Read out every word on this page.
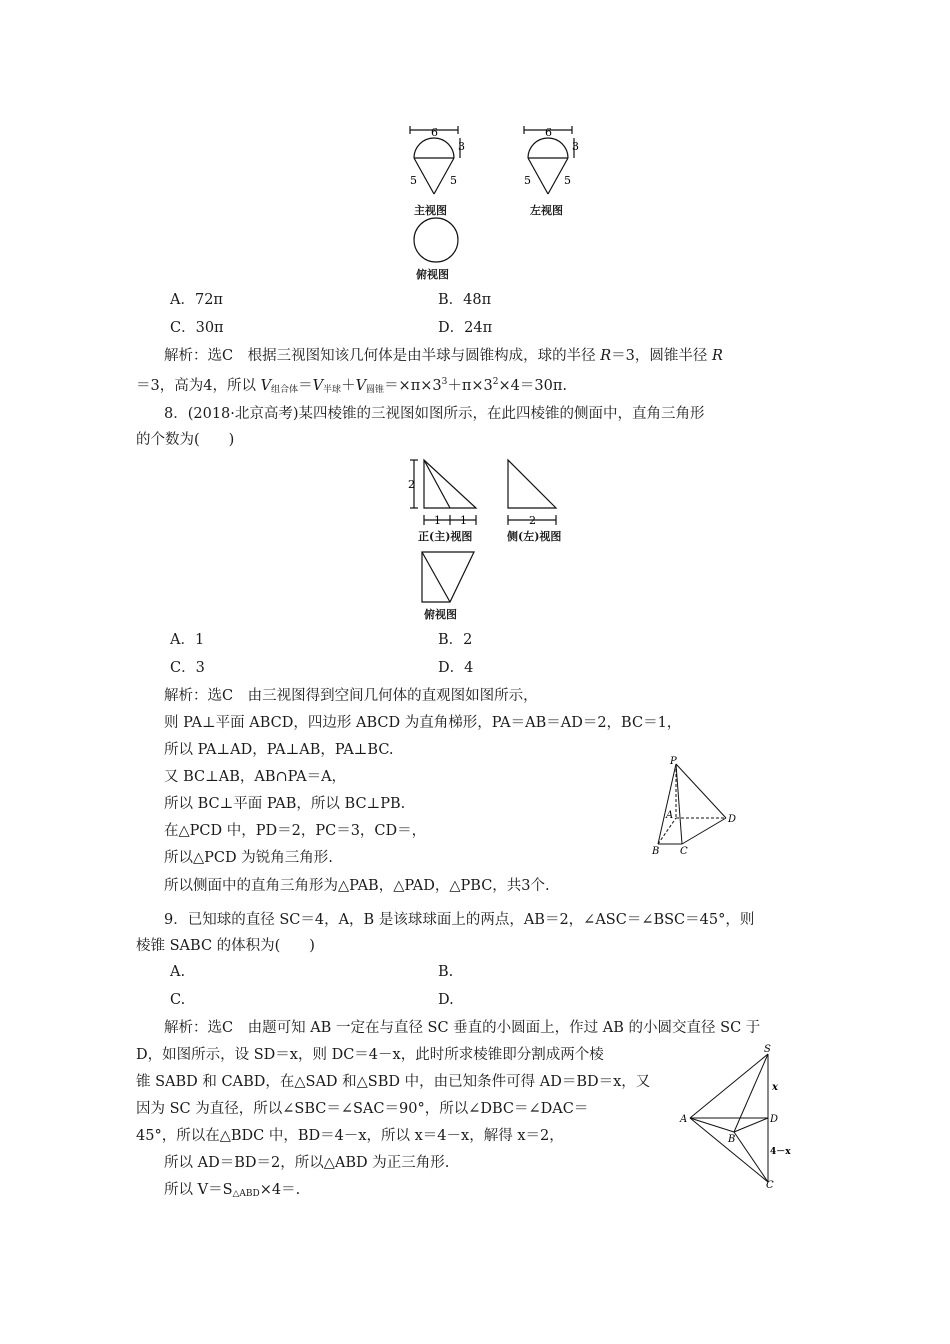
6
3
5	5
主视图
6
3
5	5
左视图
俯视图
A．72π	B．48π
C．30π	D．24π
解析：选C　根据三视图知该几何体是由半球与圆锥构成，球的半径 R＝3，圆锥半径 R
＝3，高为4，所以 $V_{组合体}=V_{半球}+V_{圆锥}=\times\pi\times 3^3+\pi\times 3^2\times 4=30\pi$.
8．(2018·北京高考)某四棱锥的三视图如图所示，在此四棱锥的侧面中，直角三角形
的个数为(　　)
2
1 1
正(主)视图
2
侧(左)视图
俯视图
A．1	B．2
C．3	D．4
解析：选C　由三视图得到空间几何体的直观图如图所示，
则 PA⊥平面 ABCD，四边形 ABCD 为直角梯形，PA＝AB＝AD＝2，BC＝1，
所以 PA⊥AD，PA⊥AB，PA⊥BC.
又 BC⊥AB，AB∩PA＝A，
所以 BC⊥平面 PAB，所以 BC⊥PB.
在△PCD 中，PD＝2，PC＝3，CD＝，
所以△PCD 为锐角三角形.
所以侧面中的直角三角形为△PAB，△PAD，△PBC，共3个.
P
A
B C
D
9．已知球的直径 SC＝4，A，B 是该球球面上的两点，AB＝2，∠ASC＝∠BSC＝45°，则
棱锥 SABC 的体积为(　　)
A.	B.
C.	D.
解析：选C　由题可知 AB 一定在与直径 SC 垂直的小圆面上，作过 AB 的小圆交直径 SC 于
D，如图所示，设 SD＝x，则 DC＝4－x，此时所求棱锥即分割成两个棱
锥 SABD 和 CABD，在△SAD 和△SBD 中，由已知条件可得 AD＝BD＝x，又
因为 SC 为直径，所以∠SBC＝∠SAC＝90°，所以∠DBC＝∠DAC＝
45°，所以在△BDC 中，BD＝4－x，所以 x＝4－x，解得 x＝2，
所以 AD＝BD＝2，所以△ABD 为正三角形.
所以 $V=S_{\triangle ABD}\times 4=$.
S
A
B
D
C
x
4－x
